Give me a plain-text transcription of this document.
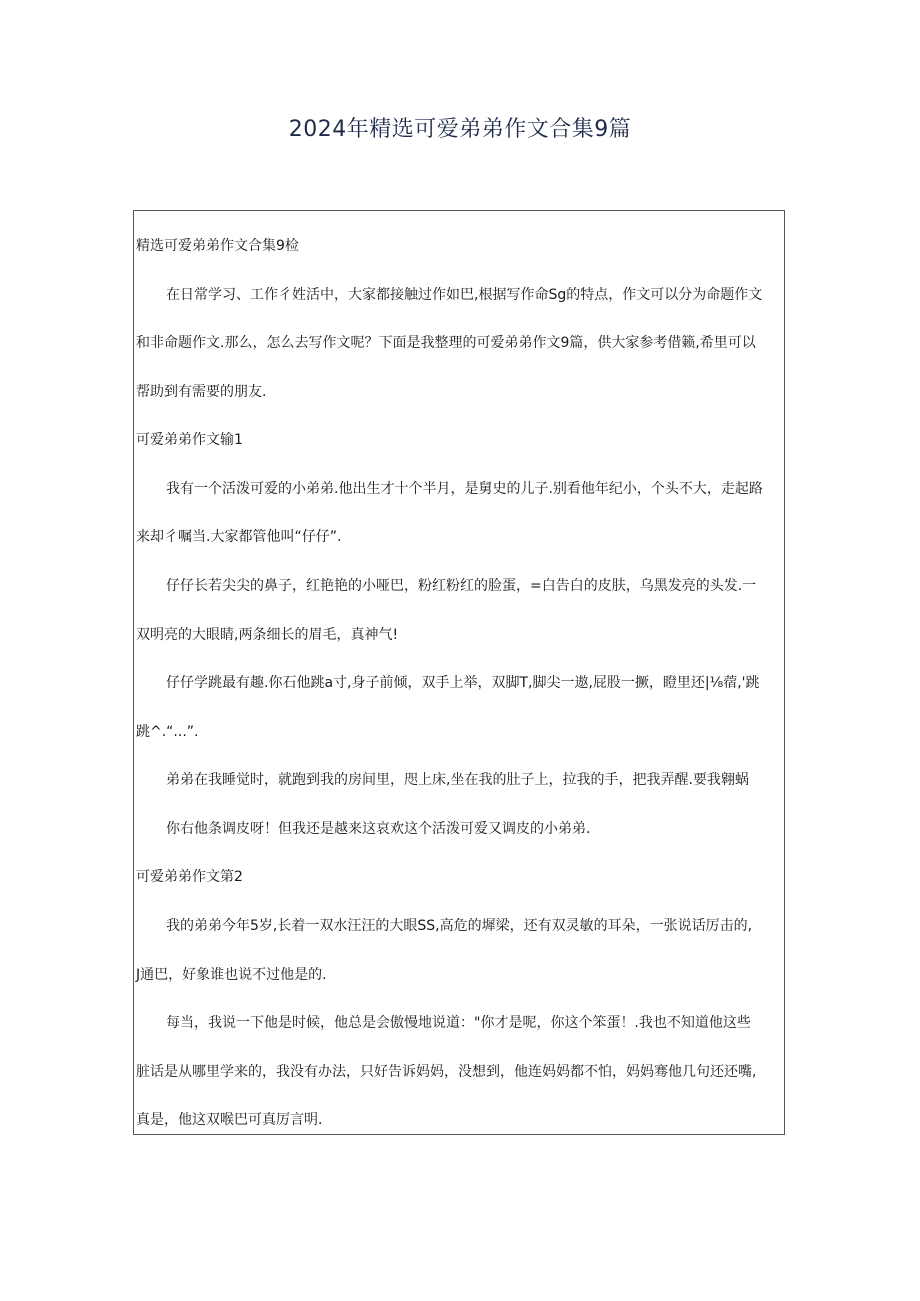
2024年精选可爱弟弟作文合集9篇
精选可爱弟弟作文合集9检
在日常学习、工作彳姓活中，大家都接触过作如巴,根据写作命Sg的特点，作文可以分为命题作文
和非命题作文.那么，怎么去写作文呢？下面是我整理的可爱弟弟作文9篇，供大家参考借籁,希里可以
帮助到有需要的朋友.
可爱弟弟作文输1
我有一个活泼可爱的小弟弟.他出生才十个半月，是舅史的儿子.别看他年纪小，个头不大，走起路
来却彳嘱当.大家都管他叫“仔仔”.
仔仔长若尖尖的鼻子，红艳艳的小哑巴，粉红粉红的脸蛋，=白告白的皮肤，乌黑发亮的头发.一
双明亮的大眼睛,两条细长的眉毛，真神气!
仔仔学跳最有趣.你石他跳a寸,身子前倾，双手上举，双脚T,脚尖一遨,屁股一撅，瞪里还|⅛蓿,'跳
跳^.“...”.
弟弟在我睡觉时，就跑到我的房间里，咫上床,坐在我的肚子上，拉我的手，把我弄醒.要我翱蜗
你右他条调皮呀！但我还是越来这哀欢这个活泼可爱又调皮的小弟弟.
可爱弟弟作文第2
我的弟弟今年5岁,长着一双水汪汪的大眼SS,高危的墀梁，还有双灵敏的耳朵，一张说话厉击的,
J通巴，好象谁也说不过他是的.
每当，我说一下他是时候，他总是会傲慢地说道："你才是呢，你这个笨蛋！.我也不知道他这些
脏话是从哪里学来的，我没有办法，只好告诉妈妈，没想到，他连妈妈都不怕，妈妈骞他几句还还嘴,
真是，他这双喉巴可真厉言明.
